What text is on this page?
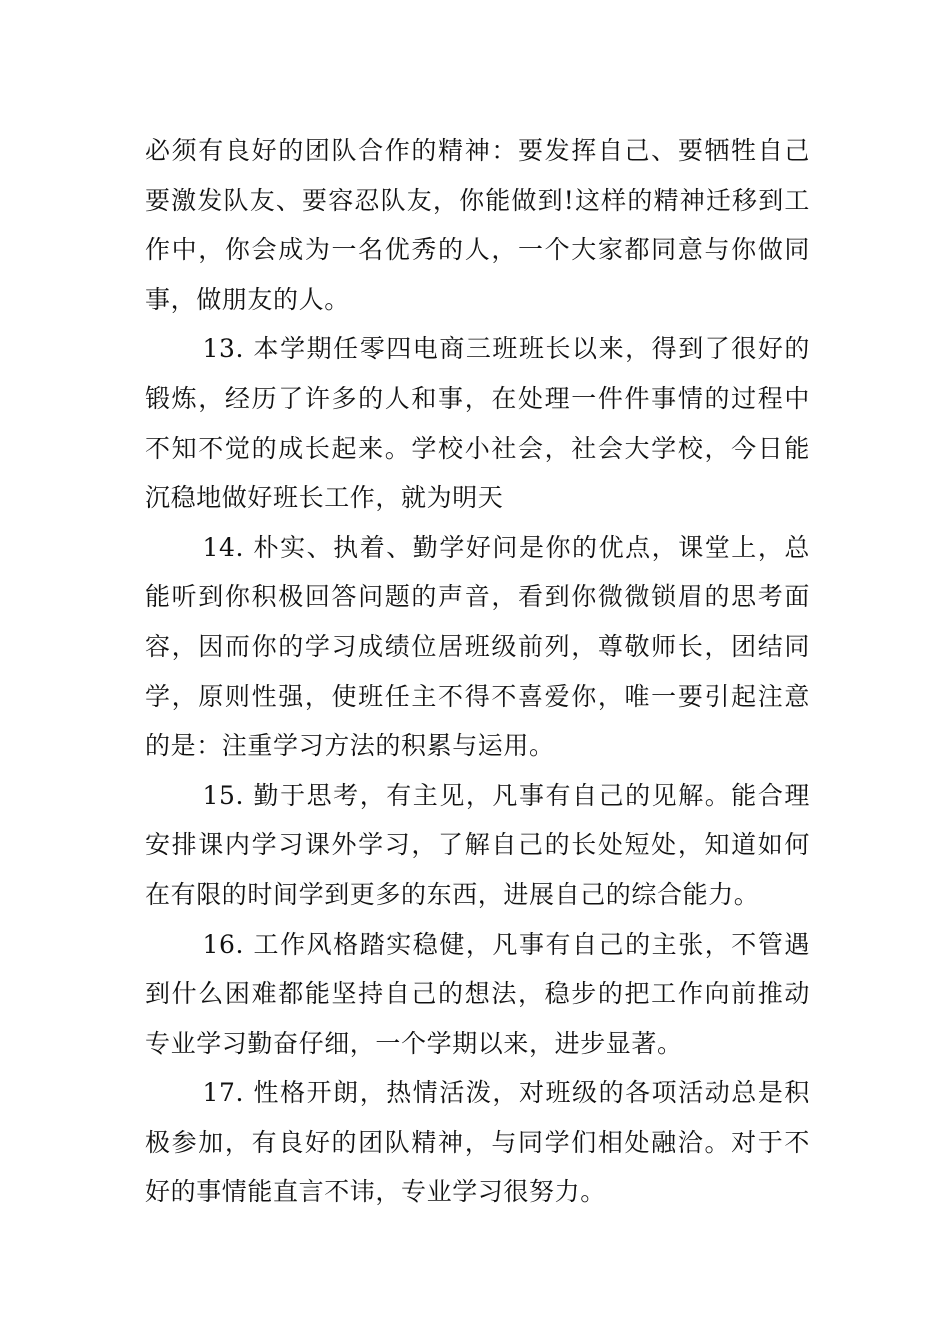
必须有良好的团队合作的精神：要发挥自己、要牺牲自己要激发队友、要容忍队友，你能做到!这样的精神迁移到工作中，你会成为一名优秀的人，一个大家都同意与你做同事，做朋友的人。

13. 本学期任零四电商三班班长以来，得到了很好的锻炼，经历了许多的人和事，在处理一件件事情的过程中不知不觉的成长起来。学校小社会，社会大学校，今日能沉稳地做好班长工作，就为明天

14. 朴实、执着、勤学好问是你的优点，课堂上，总能听到你积极回答问题的声音，看到你微微锁眉的思考面容，因而你的学习成绩位居班级前列，尊敬师长，团结同学，原则性强，使班任主不得不喜爱你，唯一要引起注意的是：注重学习方法的积累与运用。

15. 勤于思考，有主见，凡事有自己的见解。能合理安排课内学习课外学习，了解自己的长处短处，知道如何在有限的时间学到更多的东西，进展自己的综合能力。

16. 工作风格踏实稳健，凡事有自己的主张，不管遇到什么困难都能坚持自己的想法，稳步的把工作向前推动专业学习勤奋仔细，一个学期以来，进步显著。

17. 性格开朗，热情活泼，对班级的各项活动总是积极参加，有良好的团队精神，与同学们相处融洽。对于不好的事情能直言不讳，专业学习很努力。
